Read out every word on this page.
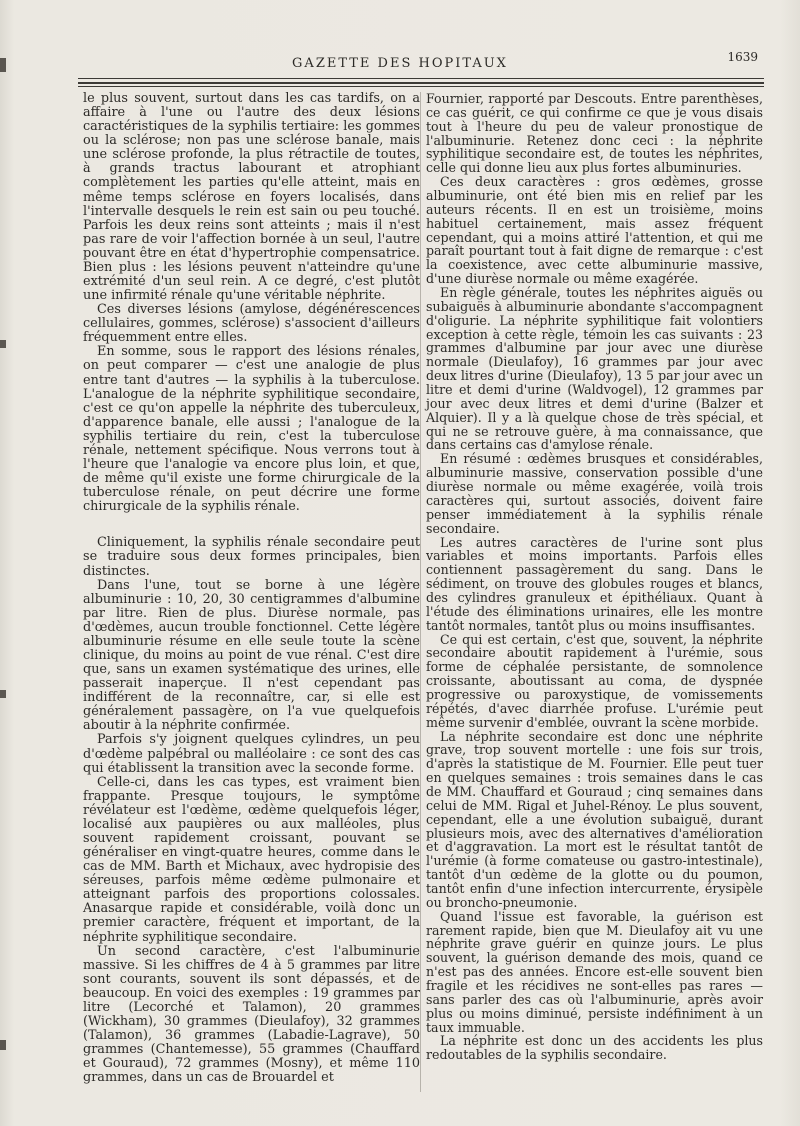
GAZETTE DES HOPITAUX	1639

le plus souvent, surtout dans les cas tardifs, on a affaire à l'une ou l'autre des deux lésions caractéristiques de la syphilis tertiaire: les gommes ou la sclérose; non pas une sclérose banale, mais une sclérose profonde, la plus rétractile de toutes, à grands tractus labourant et atrophiant complètement les parties qu'elle atteint, mais en même temps sclérose en foyers localisés, dans l'intervalle desquels le rein est sain ou peu touché. Parfois les deux reins sont atteints ; mais il n'est pas rare de voir l'affection bornée à un seul, l'autre pouvant être en état d'hypertrophie compensatrice. Bien plus : les lésions peuvent n'atteindre qu'une extrémité d'un seul rein. A ce degré, c'est plutôt une infirmité rénale qu'une véritable néphrite.

Ces diverses lésions (amylose, dégénérescences cellulaires, gommes, sclérose) s'associent d'ailleurs fréquemment entre elles.

En somme, sous le rapport des lésions rénales, on peut comparer — c'est une analogie de plus entre tant d'autres — la syphilis à la tuberculose. L'analogue de la néphrite syphilitique secondaire, c'est ce qu'on appelle la néphrite des tuberculeux, d'apparence banale, elle aussi ; l'analogue de la syphilis tertiaire du rein, c'est la tuberculose rénale, nettement spécifique. Nous verrons tout à l'heure que l'analogie va encore plus loin, et que, de même qu'il existe une forme chirurgicale de la tuberculose rénale, on peut décrire une forme chirurgicale de la syphilis rénale.

Cliniquement, la syphilis rénale secondaire peut se traduire sous deux formes principales, bien distinctes.

Dans l'une, tout se borne à une légère albuminurie : 10, 20, 30 centigrammes d'albumine par litre. Rien de plus. Diurèse normale, pas d'œdèmes, aucun trouble fonctionnel. Cette légère albuminurie résume en elle seule toute la scène clinique, du moins au point de vue rénal. C'est dire que, sans un examen systématique des urines, elle passerait inaperçue. Il n'est cependant pas indifférent de la reconnaître, car, si elle est généralement passagère, on l'a vue quelquefois aboutir à la néphrite confirmée.

Parfois s'y joignent quelques cylindres, un peu d'œdème palpébral ou malléolaire : ce sont des cas qui établissent la transition avec la seconde forme.

Celle-ci, dans les cas types, est vraiment bien frappante. Presque toujours, le symptôme révélateur est l'œdème, œdème quelquefois léger, localisé aux paupières ou aux malléoles, plus souvent rapidement croissant, pouvant se généraliser en vingt-quatre heures, comme dans le cas de MM. Barth et Michaux, avec hydropisie des séreuses, parfois même œdème pulmonaire et atteignant parfois des proportions colossales. Anasarque rapide et considérable, voilà donc un premier caractère, fréquent et important, de la néphrite syphilitique secondaire.

Un second caractère, c'est l'albuminurie massive. Si les chiffres de 4 à 5 grammes par litre sont courants, souvent ils sont dépassés, et de beaucoup. En voici des exemples : 19 grammes par litre (Lecorché et Talamon), 20 grammes (Wickham), 30 grammes (Dieulafoy), 32 grammes (Talamon), 36 grammes (Labadie-Lagrave), 50 grammes (Chantemesse), 55 grammes (Chauffard et Gouraud), 72 grammes (Mosny), et même 110 grammes, dans un cas de Brouardel et

Fournier, rapporté par Descouts. Entre parenthèses, ce cas guérit, ce qui confirme ce que je vous disais tout à l'heure du peu de valeur pronostique de l'albuminurie. Retenez donc ceci : la néphrite syphilitique secondaire est, de toutes les néphrites, celle qui donne lieu aux plus fortes albuminuries.

Ces deux caractères : gros œdèmes, grosse albuminurie, ont été bien mis en relief par les auteurs récents. Il en est un troisième, moins habituel certainement, mais assez fréquent cependant, qui a moins attiré l'attention, et qui me paraît pourtant tout à fait digne de remarque : c'est la coexistence, avec cette albuminurie massive, d'une diurèse normale ou même exagérée.

En règle générale, toutes les néphrites aiguës ou subaiguës à albuminurie abondante s'accompagnent d'oligurie. La néphrite syphilitique fait volontiers exception à cette règle, témoin les cas suivants : 23 grammes d'albumine par jour avec une diurèse normale (Dieulafoy), 16 grammes par jour avec deux litres d'urine (Dieulafoy), 13 5 par jour avec un litre et demi d'urine (Waldvogel), 12 grammes par jour avec deux litres et demi d'urine (Balzer et Alquier). Il y a là quelque chose de très spécial, et qui ne se retrouve guère, à ma connaissance, que dans certains cas d'amylose rénale.

En résumé : œdèmes brusques et considérables, albuminurie massive, conservation possible d'une diurèse normale ou même exagérée, voilà trois caractères qui, surtout associés, doivent faire penser immédiatement à la syphilis rénale secondaire.

Les autres caractères de l'urine sont plus variables et moins importants. Parfois elles contiennent passagèrement du sang. Dans le sédiment, on trouve des globules rouges et blancs, des cylindres granuleux et épithéliaux. Quant à l'étude des éliminations urinaires, elle les montre tantôt normales, tantôt plus ou moins insuffisantes.

Ce qui est certain, c'est que, souvent, la néphrite secondaire aboutit rapidement à l'urémie, sous forme de céphalée persistante, de somnolence croissante, aboutissant au coma, de dyspnée progressive ou paroxystique, de vomissements répétés, d'avec diarrhée profuse. L'urémie peut même survenir d'emblée, ouvrant la scène morbide.

La néphrite secondaire est donc une néphrite grave, trop souvent mortelle : une fois sur trois, d'après la statistique de M. Fournier. Elle peut tuer en quelques semaines : trois semaines dans le cas de MM. Chauffard et Gouraud ; cinq semaines dans celui de MM. Rigal et Juhel-Rénoy. Le plus souvent, cependant, elle a une évolution subaiguë, durant plusieurs mois, avec des alternatives d'amélioration et d'aggravation. La mort est le résultat tantôt de l'urémie (à forme comateuse ou gastro-intestinale), tantôt d'un œdème de la glotte ou du poumon, tantôt enfin d'une infection intercurrente, érysipèle ou broncho-pneumonie.

Quand l'issue est favorable, la guérison est rarement rapide, bien que M. Dieulafoy ait vu une néphrite grave guérir en quinze jours. Le plus souvent, la guérison demande des mois, quand ce n'est pas des années. Encore est-elle souvent bien fragile et les récidives ne sont-elles pas rares — sans parler des cas où l'albuminurie, après avoir plus ou moins diminué, persiste indéfiniment à un taux immuable.

La néphrite est donc un des accidents les plus redoutables de la syphilis secondaire.
